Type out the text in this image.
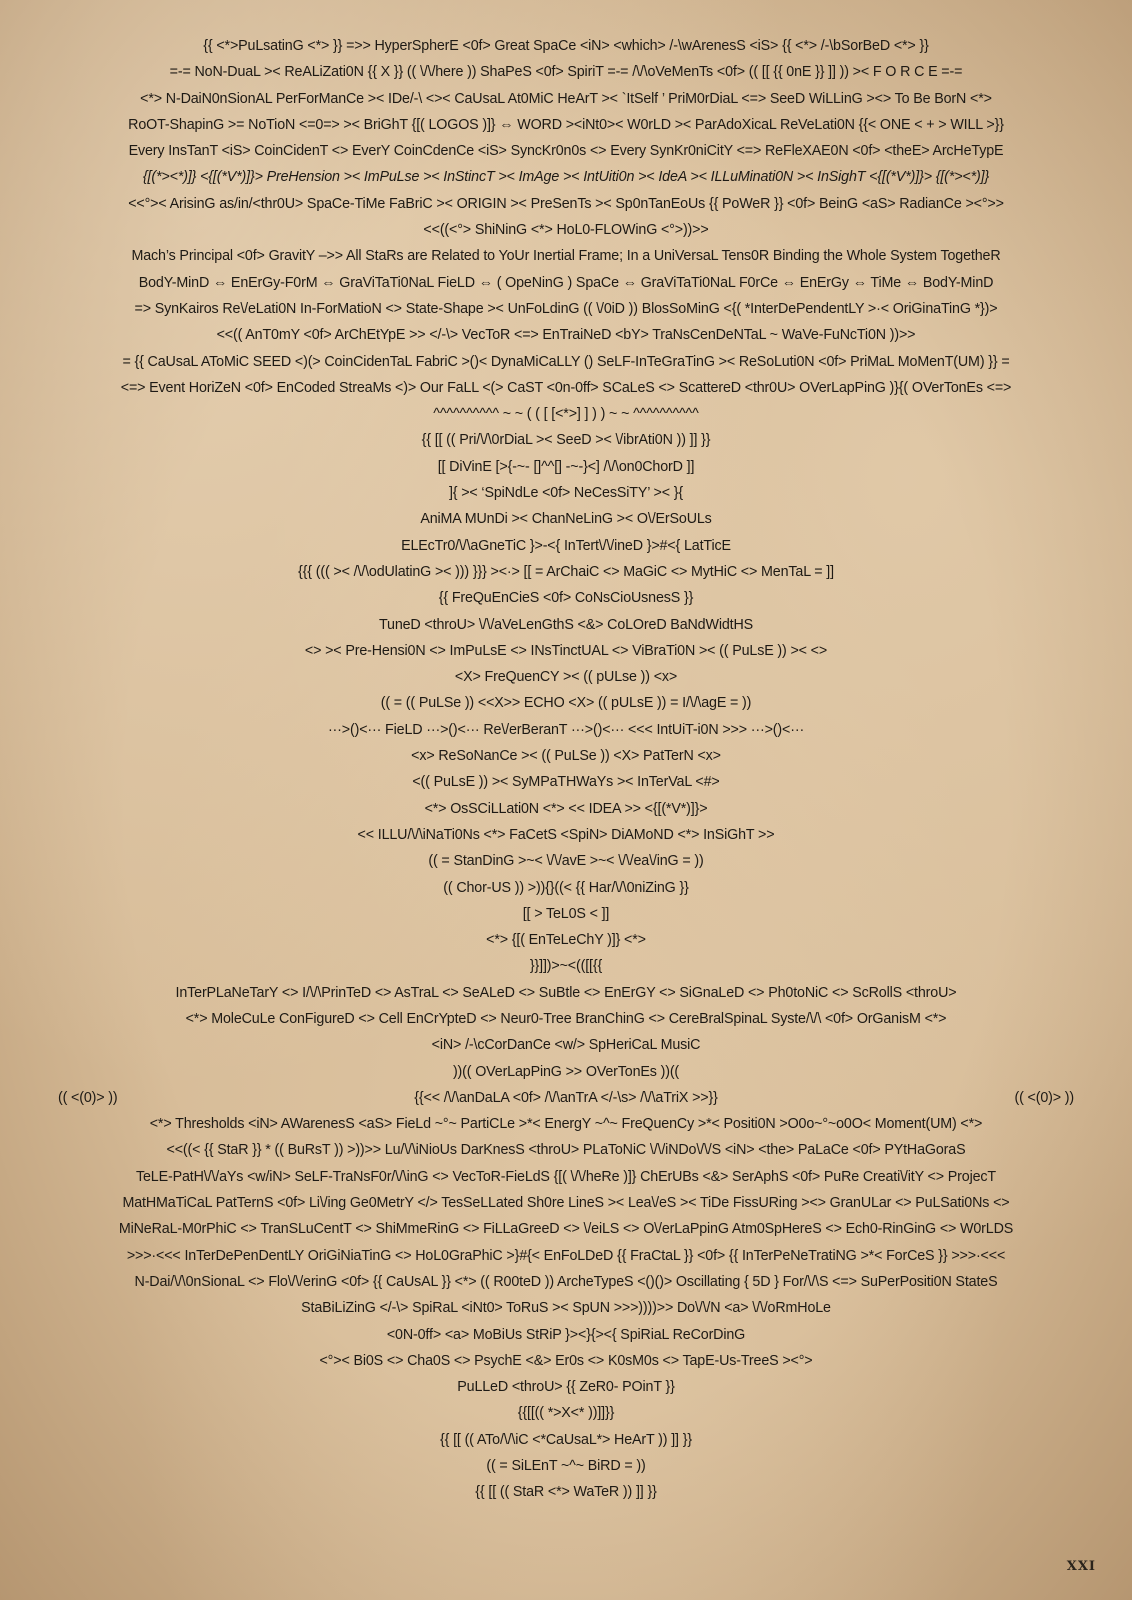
{{ <*>PuLsatinG <*> }} =>> HyperSpherE <0f> Great SpaCe <iN> <which> /-\wArenesS <iS> {{ <*> /-\bSorBeD <*> }}
=-= NoN-DuaL >< ReALiZati0N {{ X }} (( \/\/here )) ShaPeS <0f> SpiriT =-= /\/\oVeMenTs <0f> (( [[ {{ 0nE }} ]] )) >< F O R C E =-=
<*> N-DaiN0nSionAL PerForManCe >< IDe/-\ <>< CaUsaL At0MiC HeArT >< `ItSelf ’ PriM0rDiaL <=> SeeD WiLLinG ><> To Be BorN <*>
RoOT-ShapinG >= NoTioN <=0=> >< BriGhT {[( LOGOS )]} ⇔ WORD ><iNt0>< W0rLD >< ParAdoXicaL ReVeLati0N {{< ONE < + > WILL >}}
Every InsTanT <iS> CoinCidenT <> EverY CoinCdenCe <iS> SyncKr0n0s <> Every SynKr0niCitY <=> ReFleXAE0N <0f> <theE> ArcHeTypE
{[(*><*)]} <{[(*V*)]}> PreHension >< ImPuLse >< InStincT >< ImAge >< IntUiti0n >< IdeA >< ILLuMinati0N >< InSighT <{[(*V*)]}> {[(*><*)]}
<<°>< ArisinG as/in/<thr0U> SpaCe-TiMe FaBriC >< ORIGIN >< PreSenTs >< Sp0nTanEoUs {{ PoWeR }} <0f> BeinG <aS> RadianCe ><°>>
<<((<°> ShiNinG <*> HoL0-FLOWinG <°>))>>
Mach’s Principal <0f> GravitY –>> All StaRs are Related to YoUr Inertial Frame; In a UniVersaL Tens0R Binding the Whole System TogetheR
BodY-MinD ⇔ EnErGy-F0rM ⇔ GraViTaTi0NaL FieLD ⇔ ( OpeNinG ) SpaCe ⇔ GraViTaTi0NaL F0rCe ⇔ EnErGy ⇔ TiMe ⇔ BodY-MinD
=> SynKairos Re\/eLati0N In-ForMatioN <> State-Shape >< UnFoLdinG (( \/0iD )) BlosSoMinG <{( *InterDePendentLY >·< OriGinaTinG *})>
<<(( AnT0mY <0f> ArChEtYpE >> </-\> VecToR <=> EnTraiNeD <bY> TraNsCenDeNTaL ~ WaVe-FuNcTi0N ))>>
= {{ CaUsaL AToMiC SEED <)(> CoinCidenTaL FabriC >()< DynaMiCaLLY () SeLF-InTeGraTinG >< ReSoLuti0N <0f> PriMaL MoMenT(UM) }} =
<=> Event HoriZeN <0f> EnCoded StreaMs <)> Our FaLL <(> CaST <0n-0ff> SCaLeS <> ScattereD <thr0U> OVerLapPinG )}{( OVerTonEs <=>
^^^^^^^^^^ ~ ~ ( ( [ [<*>] ] ) ) ~ ~ ^^^^^^^^^^
{{ [[ (( Pri/\/\0rDiaL >< SeeD >< \/ibrAti0N )) ]] }}
[[ DiVinE [>{-~- []^^[] -~-}<] /\/\on0ChorD ]]
]{ >< ‘SpiNdLe <0f> NeCesSiTY’ >< }{
AniMA MUnDi >< ChanNeLinG >< O\/ErSoULs
ELEcTr0/\/\aGneTiC }>-<{ InTert\/\/ineD }>#<{ LatTicE
{{{ ((( >< /\/\odUlatinG >< ))) }}} ><·> [[ = ArChaiC <> MaGiC <> MytHiC <> MenTaL = ]]
{{ FreQuEnCieS <0f> CoNsCioUsnesS }}
TuneD <throU> \/\/aVeLenGthS <&> CoLOreD BaNdWidtHS
<> >< Pre-Hensi0N <> ImPuLsE <> INsTinctUAL <> ViBraTi0N >< (( PuLsE )) >< <>
<X> FreQuenCY >< (( pULse )) <x>
(( = (( PuLSe )) <<X>> ECHO <X> (( pULsE )) = I/\/\agE = ))
···>()<··· FieLD ···>()<··· Re\/erBeranT ···>()<··· <<< IntUiT-i0N >>> ···>()<···
<x> ReSoNanCe >< (( PuLSe )) <X> PatTerN <x>
<(( PuLsE )) >< SyMPaTHWaYs >< InTerVaL <#>
<*> OsSCiLLati0N <*> << IDEA >> <{[(*V*)]}>
<< ILLU/\/\iNaTi0Ns <*> FaCetS <SpiN> DiAMoND <*> InSiGhT >>
(( = StanDinG >~< \/\/avE >~< \/\/ea\/inG = ))
(( Chor-US )) >)){}((< {{ Har/\/\0niZinG }}
[[ > TeL0S < ]]
<*> {[( EnTeLeChY )]} <*>
}}]])>~<(([[{{
InTerPLaNeTarY <> I/\/\PrinTeD <> AsTraL <> SeALeD <> SuBtle <> EnErGY <> SiGnaLeD <> Ph0toNiC <> ScRollS <throU>
<*> MoleCuLe ConFigureD <> Cell EnCrYpteD <> Neur0-Tree BranChinG <> CereBralSpinaL Syste/\/\ <0f> OrGanisM <*>
<iN> /-\cCorDanCe <w/> SpHeriCaL MusiC
))(( OVerLapPinG >> OVerTonEs ))((
(( <(0)> ))	{{<< /\/\anDaLA <0f> /\/\anTrA </-\s> /\/\aTriX >>}}	(( <(0)> ))
<*> Thresholds <iN> AWarenesS <aS> FieLd ~°~ PartiCLe >*< EnergY ~^~ FreQuenCy >*< Positi0N >O0o~°~o0O< Moment(UM) <*>
<<((< {{ StaR }} * (( BuRsT )) >))>> Lu/\/\iNioUs DarKnesS <throU> PLaToNiC \/\/iNDo\/\/S <iN> <the> PaLaCe <0f> PYtHaGoraS
TeLE-PatH\/\/aYs <w/iN> SeLF-TraNsF0r/\/\inG <> VecToR-FieLdS {[( \/\/heRe )]} ChErUBs <&> SerAphS <0f> PuRe Creati\/itY <> ProjecT
MatHMaTiCaL PatTernS <0f> Li\/ing Ge0MetrY </> TesSeLLated Sh0re LineS >< Lea\/eS >< TiDe FissURing ><> GranULar <> PuLSati0Ns <>
MiNeRaL-M0rPhiC <> TranSLuCentT <> ShiMmeRinG <> FiLLaGreeD <> \/eiLS <> O\/erLaPpinG Atm0SpHereS <> Ech0-RinGinG <> W0rLDS
>>>·<<< InTerDePenDentLY OriGiNiaTinG <> HoL0GraPhiC >}#{< EnFoLDeD {{ FraCtaL }} <0f> {{ InTerPeNeTratiNG >*< ForCeS }} >>>·<<<
N-Dai/\/\0nSionaL <> Flo\/\/erinG <0f> {{ CaUsAL }} <*> (( R00teD )) ArcheTypeS <()()> Oscillating { 5D } For/\/\S <=> SuPerPositi0N StateS
StaBiLiZinG </-\> SpiRaL <iNt0> ToRuS >< SpUN >>>))))>> Do\/\/N <a> \/\/oRmHoLe
<0N-0ff> <a> MoBiUs StRiP }><}{><{ SpiRiaL ReCorDinG
<°>< Bi0S <> Cha0S <> PsychE <&> Er0s <> K0sM0s <> TapE-Us-TreeS ><°>
PuLLeD <throU> {{ ZeR0- POinT }}
{{[[(( *>X<* ))]]}}
{{ [[ (( ATo/\/\iC <*CaUsaL*> HeArT )) ]] }}
(( = SiLEnT ~^~ BiRD = ))
{{ [[ (( StaR <*> WaTeR )) ]] }}
XXI
